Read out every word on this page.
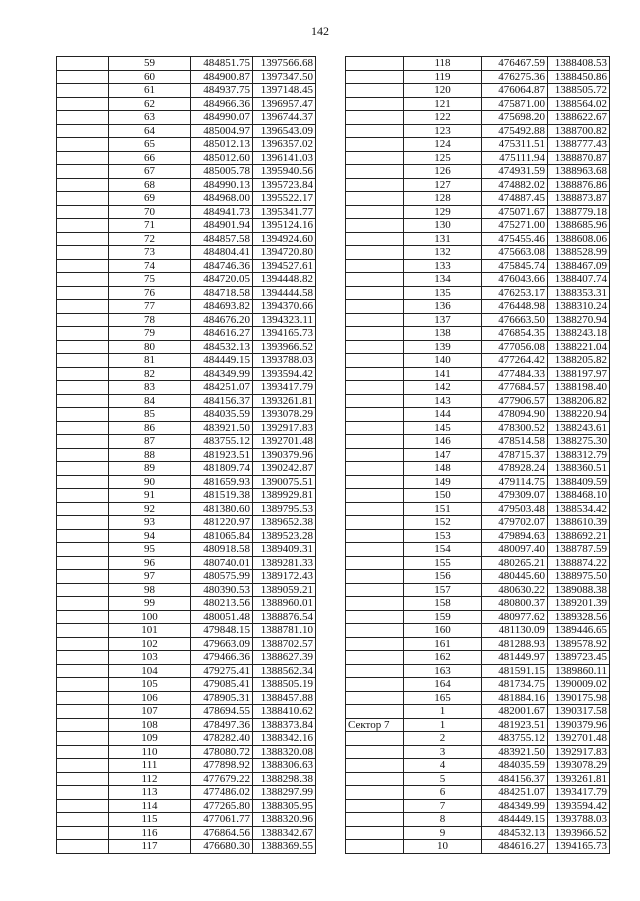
142
	59	484851.75	1397566.68
	60	484900.87	1397347.50
	61	484937.75	1397148.45
	62	484966.36	1396957.47
	63	484990.07	1396744.37
	64	485004.97	1396543.09
	65	485012.13	1396357.02
	66	485012.60	1396141.03
	67	485005.78	1395940.56
	68	484990.13	1395723.84
	69	484968.00	1395522.17
	70	484941.73	1395341.77
	71	484901.94	1395124.16
	72	484857.58	1394924.60
	73	484804.41	1394720.80
	74	484746.36	1394527.61
	75	484720.05	1394448.82
	76	484718.58	1394444.58
	77	484693.82	1394370.66
	78	484676.20	1394323.11
	79	484616.27	1394165.73
	80	484532.13	1393966.52
	81	484449.15	1393788.03
	82	484349.99	1393594.42
	83	484251.07	1393417.79
	84	484156.37	1393261.81
	85	484035.59	1393078.29
	86	483921.50	1392917.83
	87	483755.12	1392701.48
	88	481923.51	1390379.96
	89	481809.74	1390242.87
	90	481659.93	1390075.51
	91	481519.38	1389929.81
	92	481380.60	1389795.53
	93	481220.97	1389652.38
	94	481065.84	1389523.28
	95	480918.58	1389409.31
	96	480740.01	1389281.33
	97	480575.99	1389172.43
	98	480390.53	1389059.21
	99	480213.56	1388960.01
	100	480051.48	1388876.54
	101	479848.15	1388781.10
	102	479663.09	1388702.57
	103	479466.36	1388627.39
	104	479275.41	1388562.34
	105	479085.41	1388505.19
	106	478905.31	1388457.88
	107	478694.55	1388410.62
	108	478497.36	1388373.84
	109	478282.40	1388342.16
	110	478080.72	1388320.08
	111	477898.92	1388306.63
	112	477679.22	1388298.38
	113	477486.02	1388297.99
	114	477265.80	1388305.95
	115	477061.77	1388320.96
	116	476864.56	1388342.67
	117	476680.30	1388369.55
	118	476467.59	1388408.53
	119	476275.36	1388450.86
	120	476064.87	1388505.72
	121	475871.00	1388564.02
	122	475698.20	1388622.67
	123	475492.88	1388700.82
	124	475311.51	1388777.43
	125	475111.94	1388870.87
	126	474931.59	1388963.68
	127	474882.02	1388876.86
	128	474887.45	1388873.87
	129	475071.67	1388779.18
	130	475271.00	1388685.96
	131	475455.46	1388608.06
	132	475663.08	1388528.99
	133	475845.74	1388467.09
	134	476043.66	1388407.74
	135	476253.17	1388353.31
	136	476448.98	1388310.24
	137	476663.50	1388270.94
	138	476854.35	1388243.18
	139	477056.08	1388221.04
	140	477264.42	1388205.82
	141	477484.33	1388197.97
	142	477684.57	1388198.40
	143	477906.57	1388206.82
	144	478094.90	1388220.94
	145	478300.52	1388243.61
	146	478514.58	1388275.30
	147	478715.37	1388312.79
	148	478928.24	1388360.51
	149	479114.75	1388409.59
	150	479309.07	1388468.10
	151	479503.48	1388534.42
	152	479702.07	1388610.39
	153	479894.63	1388692.21
	154	480097.40	1388787.59
	155	480265.21	1388874.22
	156	480445.60	1388975.50
	157	480630.22	1389088.38
	158	480800.37	1389201.39
	159	480977.62	1389328.56
	160	481130.09	1389446.65
	161	481288.93	1389578.92
	162	481449.97	1389723.45
	163	481591.15	1389860.11
	164	481734.75	1390009.02
	165	481884.16	1390175.98
	1	482001.67	1390317.58
Сектор 7	1	481923.51	1390379.96
	2	483755.12	1392701.48
	3	483921.50	1392917.83
	4	484035.59	1393078.29
	5	484156.37	1393261.81
	6	484251.07	1393417.79
	7	484349.99	1393594.42
	8	484449.15	1393788.03
	9	484532.13	1393966.52
	10	484616.27	1394165.73
